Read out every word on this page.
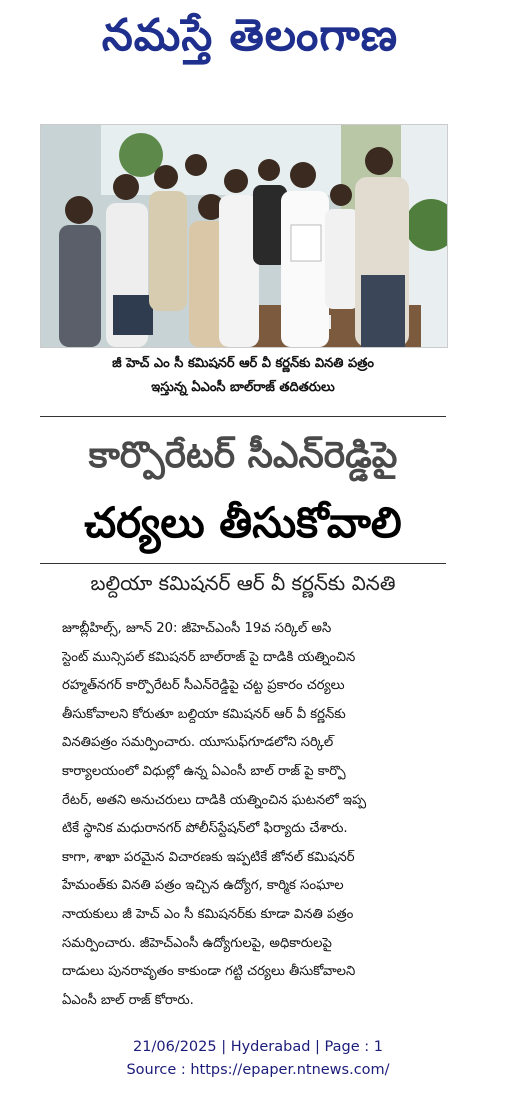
నమస్తే తెలంగాణ
జీ హెచ్ ఎం సీ కమిషనర్ ఆర్ వీ కర్ణన్‌కు వినతి పత్రం
ఇస్తున్న ఏఎంసీ బాల్‌రాజ్ తదితరులు
కార్పొరేటర్ సీఎన్‌రెడ్డిపై
చర్యలు తీసుకోవాలి
బల్దియా కమిషనర్ ఆర్ వీ కర్ణన్‌కు వినతి
జూబ్లీహిల్స్, జూన్ 20: జీహెచ్‌ఎంసీ 19వ సర్కిల్ అసి
స్టెంట్ మున్సిపల్ కమిషనర్ బాల్‌రాజ్ పై దాడికి యత్నించిన
రహ్మత్‌నగర్ కార్పొరేటర్ సీఎన్‌రెడ్డిపై చట్ట ప్రకారం చర్యలు
తీసుకోవాలని కోరుతూ బల్దియా కమిషనర్ ఆర్ వీ కర్ణన్‌కు
వినతిపత్రం సమర్పించారు. యూసుఫ్‌గూడలోని సర్కిల్
కార్యాలయంలో విధుల్లో ఉన్న ఏఎంసీ బాల్ రాజ్ పై కార్పొ
రేటర్, అతని అనుచరులు దాడికి యత్నించిన ఘటనలో ఇప్ప
టికే స్థానిక మధురానగర్ పోలీస్‌స్టేషన్‌లో ఫిర్యాదు చేశారు.
కాగా, శాఖా పరమైన విచారణకు ఇప్పటికే జోనల్ కమిషనర్
హేమంత్‌కు వినతి పత్రం ఇచ్చిన ఉద్యోగ, కార్మిక సంఘాల
నాయకులు జీ హెచ్ ఎం సీ కమిషనర్‌కు కూడా వినతి పత్రం
సమర్పించారు. జీహెచ్‌ఎంసీ ఉద్యోగులపై, అధికారులపై
దాడులు పునరావృతం కాకుండా గట్టి చర్యలు తీసుకోవాలని
ఏఎంసీ బాల్ రాజ్ కోరారు.
21/06/2025 | Hyderabad | Page : 1
Source : https://epaper.ntnews.com/
